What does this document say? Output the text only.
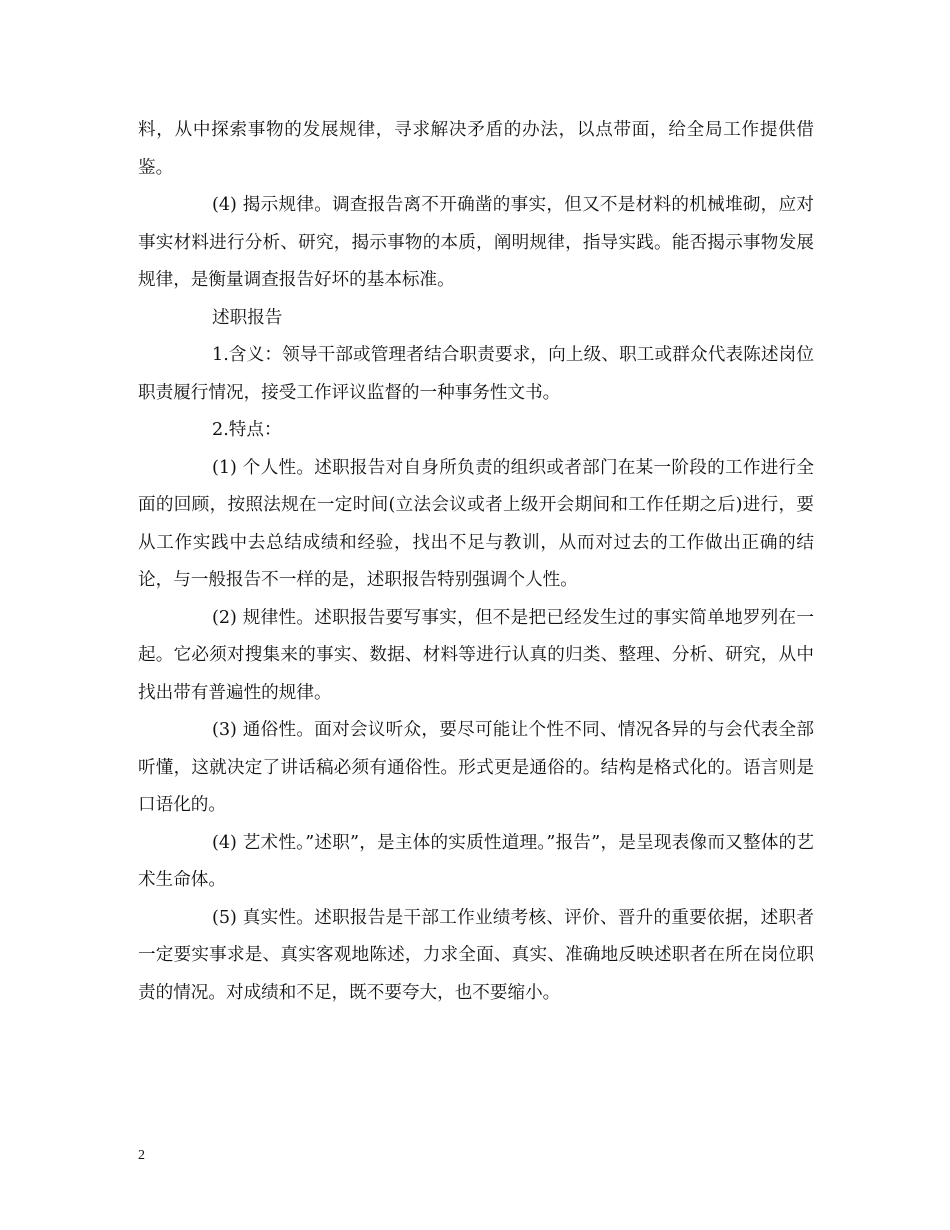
料，从中探索事物的发展规律，寻求解决矛盾的办法，以点带面，给全局工作提供借鉴。

(4) 揭示规律。调查报告离不开确凿的事实，但又不是材料的机械堆砌，应对事实材料进行分析、研究，揭示事物的本质，阐明规律，指导实践。能否揭示事物发展规律，是衡量调查报告好坏的基本标准。

述职报告

1.含义：领导干部或管理者结合职责要求，向上级、职工或群众代表陈述岗位职责履行情况，接受工作评议监督的一种事务性文书。

2.特点：

(1) 个人性。述职报告对自身所负责的组织或者部门在某一阶段的工作进行全面的回顾，按照法规在一定时间(立法会议或者上级开会期间和工作任期之后)进行，要从工作实践中去总结成绩和经验，找出不足与教训，从而对过去的工作做出正确的结论，与一般报告不一样的是，述职报告特别强调个人性。

(2) 规律性。述职报告要写事实，但不是把已经发生过的事实简单地罗列在一起。它必须对搜集来的事实、数据、材料等进行认真的归类、整理、分析、研究，从中找出带有普遍性的规律。

(3) 通俗性。面对会议听众，要尽可能让个性不同、情况各异的与会代表全部听懂，这就决定了讲话稿必须有通俗性。形式更是通俗的。结构是格式化的。语言则是口语化的。

(4) 艺术性。”述职”，是主体的实质性道理。”报告”，是呈现表像而又整体的艺术生命体。

(5) 真实性。述职报告是干部工作业绩考核、评价、晋升的重要依据，述职者一定要实事求是、真实客观地陈述，力求全面、真实、准确地反映述职者在所在岗位职责的情况。对成绩和不足，既不要夸大，也不要缩小。

2
